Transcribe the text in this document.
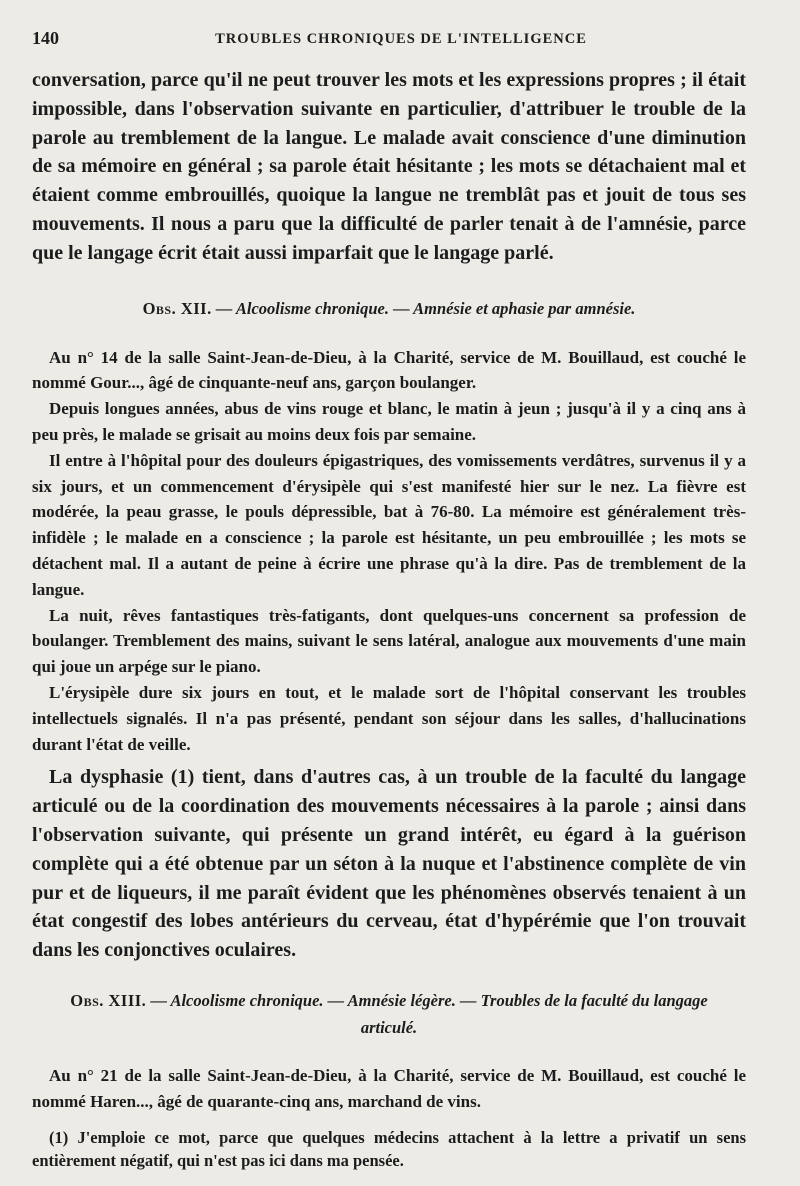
140	TROUBLES CHRONIQUES DE L'INTELLIGENCE

conversation, parce qu'il ne peut trouver les mots et les expressions propres ; il était impossible, dans l'observation suivante en particulier, d'attribuer le trouble de la parole au tremblement de la langue. Le malade avait conscience d'une diminution de sa mémoire en général ; sa parole était hésitante ; les mots se détachaient mal et étaient comme embrouillés, quoique la langue ne tremblât pas et jouit de tous ses mouvements. Il nous a paru que la difficulté de parler tenait à de l'amnésie, parce que le langage écrit était aussi imparfait que le langage parlé.

Obs. XII. — Alcoolisme chronique. — Amnésie et aphasie par amnésie.

Au n° 14 de la salle Saint-Jean-de-Dieu, à la Charité, service de M. Bouillaud, est couché le nommé Gour..., âgé de cinquante-neuf ans, garçon boulanger.

Depuis longues années, abus de vins rouge et blanc, le matin à jeun ; jusqu'à il y a cinq ans à peu près, le malade se grisait au moins deux fois par semaine.

Il entre à l'hôpital pour des douleurs épigastriques, des vomissements verdâtres, survenus il y a six jours, et un commencement d'érysipèle qui s'est manifesté hier sur le nez. La fièvre est modérée, la peau grasse, le pouls dépressible, bat à 76-80. La mémoire est généralement très-infidèle ; le malade en a conscience ; la parole est hésitante, un peu embrouillée ; les mots se détachent mal. Il a autant de peine à écrire une phrase qu'à la dire. Pas de tremblement de la langue.

La nuit, rêves fantastiques très-fatigants, dont quelques-uns concernent sa profession de boulanger. Tremblement des mains, suivant le sens latéral, analogue aux mouvements d'une main qui joue un arpége sur le piano.

L'érysipèle dure six jours en tout, et le malade sort de l'hôpital conservant les troubles intellectuels signalés. Il n'a pas présenté, pendant son séjour dans les salles, d'hallucinations durant l'état de veille.

La dysphasie (1) tient, dans d'autres cas, à un trouble de la faculté du langage articulé ou de la coordination des mouvements nécessaires à la parole ; ainsi dans l'observation suivante, qui présente un grand intérêt, eu égard à la guérison complète qui a été obtenue par un séton à la nuque et l'abstinence complète de vin pur et de liqueurs, il me paraît évident que les phénomènes observés tenaient à un état congestif des lobes antérieurs du cerveau, état d'hypérémie que l'on trouvait dans les conjonctives oculaires.

Obs. XIII. — Alcoolisme chronique. — Amnésie légère. — Troubles de la faculté du langage articulé.

Au n° 21 de la salle Saint-Jean-de-Dieu, à la Charité, service de M. Bouillaud, est couché le nommé Haren..., âgé de quarante-cinq ans, marchand de vins.

(1) J'emploie ce mot, parce que quelques médecins attachent à la lettre a privatif un sens entièrement négatif, qui n'est pas ici dans ma pensée.
